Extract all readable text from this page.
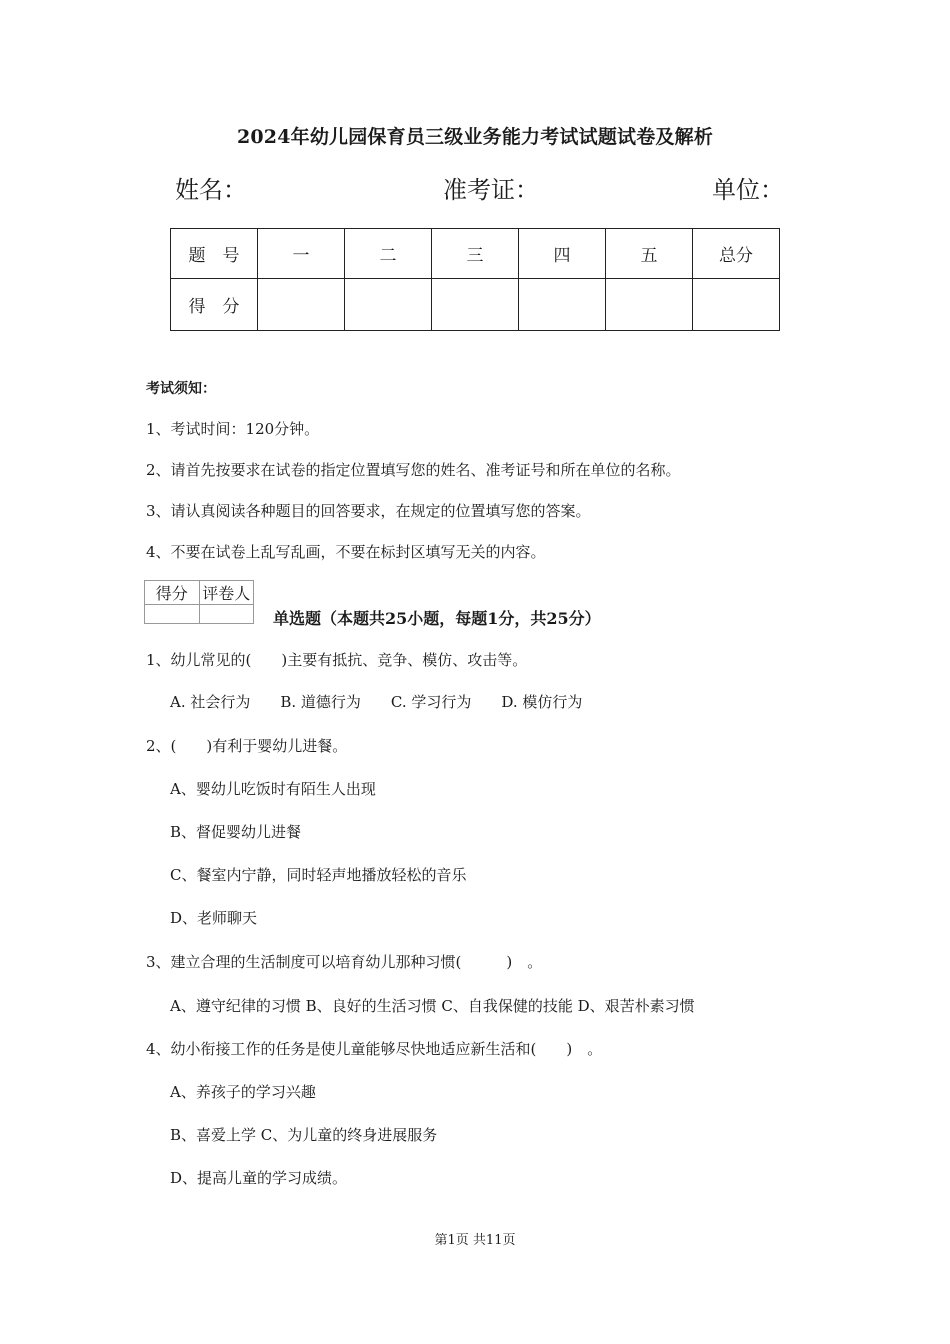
2024年幼儿园保育员三级业务能力考试试题试卷及解析
姓名：	准考证：	单位：
题　号	一	二	三	四	五	总分
得　分						
考试须知：
1、考试时间：120分钟。
2、请首先按要求在试卷的指定位置填写您的姓名、准考证号和所在单位的名称。
3、请认真阅读各种题目的回答要求，在规定的位置填写您的答案。
4、不要在试卷上乱写乱画，不要在标封区填写无关的内容。
得分	评卷人

单选题（本题共25小题，每题1分，共25分）
1、幼儿常见的(　　)主要有抵抗、竞争、模仿、攻击等。
A. 社会行为　　B. 道德行为　　C. 学习行为　　D. 模仿行为
2、(　　)有利于婴幼儿进餐。
A、婴幼儿吃饭时有陌生人出现
B、督促婴幼儿进餐
C、餐室内宁静，同时轻声地播放轻松的音乐
D、老师聊天
3、建立合理的生活制度可以培育幼儿那种习惯(　　　)　。
A、遵守纪律的习惯 B、良好的生活习惯 C、自我保健的技能 D、艰苦朴素习惯
4、幼小衔接工作的任务是使儿童能够尽快地适应新生活和(　　)　。
A、养孩子的学习兴趣
B、喜爱上学 C、为儿童的终身进展服务
D、提高儿童的学习成绩。
第1页 共11页
